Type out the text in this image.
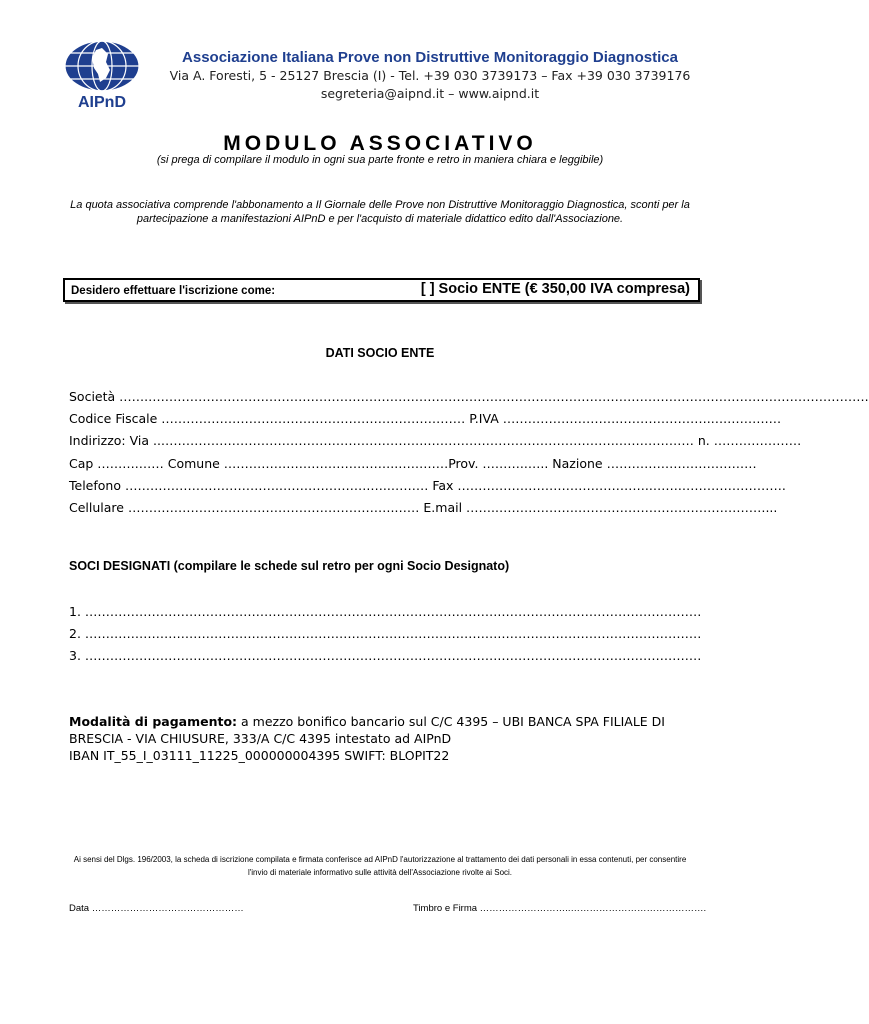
AIPnD
Associazione Italiana Prove non Distruttive Monitoraggio Diagnostica
Via A. Foresti, 5 - 25127 Brescia (I) - Tel. +39 030 3739173 – Fax +39 030 3739176
segreteria@aipnd.it – www.aipnd.it
MODULO ASSOCIATIVO
(si prega di compilare il modulo in ogni sua parte fronte e retro in maniera chiara e leggibile)
La quota associativa comprende l'abbonamento a Il Giornale delle Prove non Distruttive Monitoraggio Diagnostica, sconti per la partecipazione a manifestazioni AIPnD e per l'acquisto di materiale didattico edito dall'Associazione.
Desidero effettuare l'iscrizione come:	[ ] Socio ENTE (€ 350,00 IVA compresa)
DATI SOCIO ENTE
Società …….………………………………………………………………………….…………………………………………………………………………….
Codice Fiscale ……………………………….……………………………… P.IVA ……………………….………………….….……….…
Indirizzo: Via ..……………………………………………………….……………………………………….……………… n. …………………
Cap ……….…… Comune …………………………….……..…………Prov. ………..….. Nazione ………………………………
Telefono ……………………………….………………….…..……… Fax ………………………………………..…….…………………….
Cellulare ……………………………………………………….…… E.mail ……..……………….………………………………………...
SOCI DESIGNATI (compilare le schede sul retro per ogni Socio Designato)
1. ……………………………………………………………………………………….…………………………………………
2. ……………………………………………………………………………………….…………………………………………
3. ……………………………………………………………………………………….…………………………………………
Modalità di pagamento: a mezzo bonifico bancario sul C/C 4395 – UBI BANCA SPA FILIALE DI
BRESCIA - VIA CHIUSURE, 333/A C/C 4395 intestato ad AIPnD
IBAN IT_55_I_03111_11225_000000004395 SWIFT: BLOPIT22
Ai sensi del Dlgs. 196/2003, la scheda di iscrizione compilata e firmata conferisce ad AIPnD l'autorizzazione al trattamento dei dati personali in essa contenuti, per consentire l'invio di materiale informativo sulle attività dell'Associazione rivolte ai Soci.
Data …………………………………………	Timbro e Firma ………………………..…………………………………….
